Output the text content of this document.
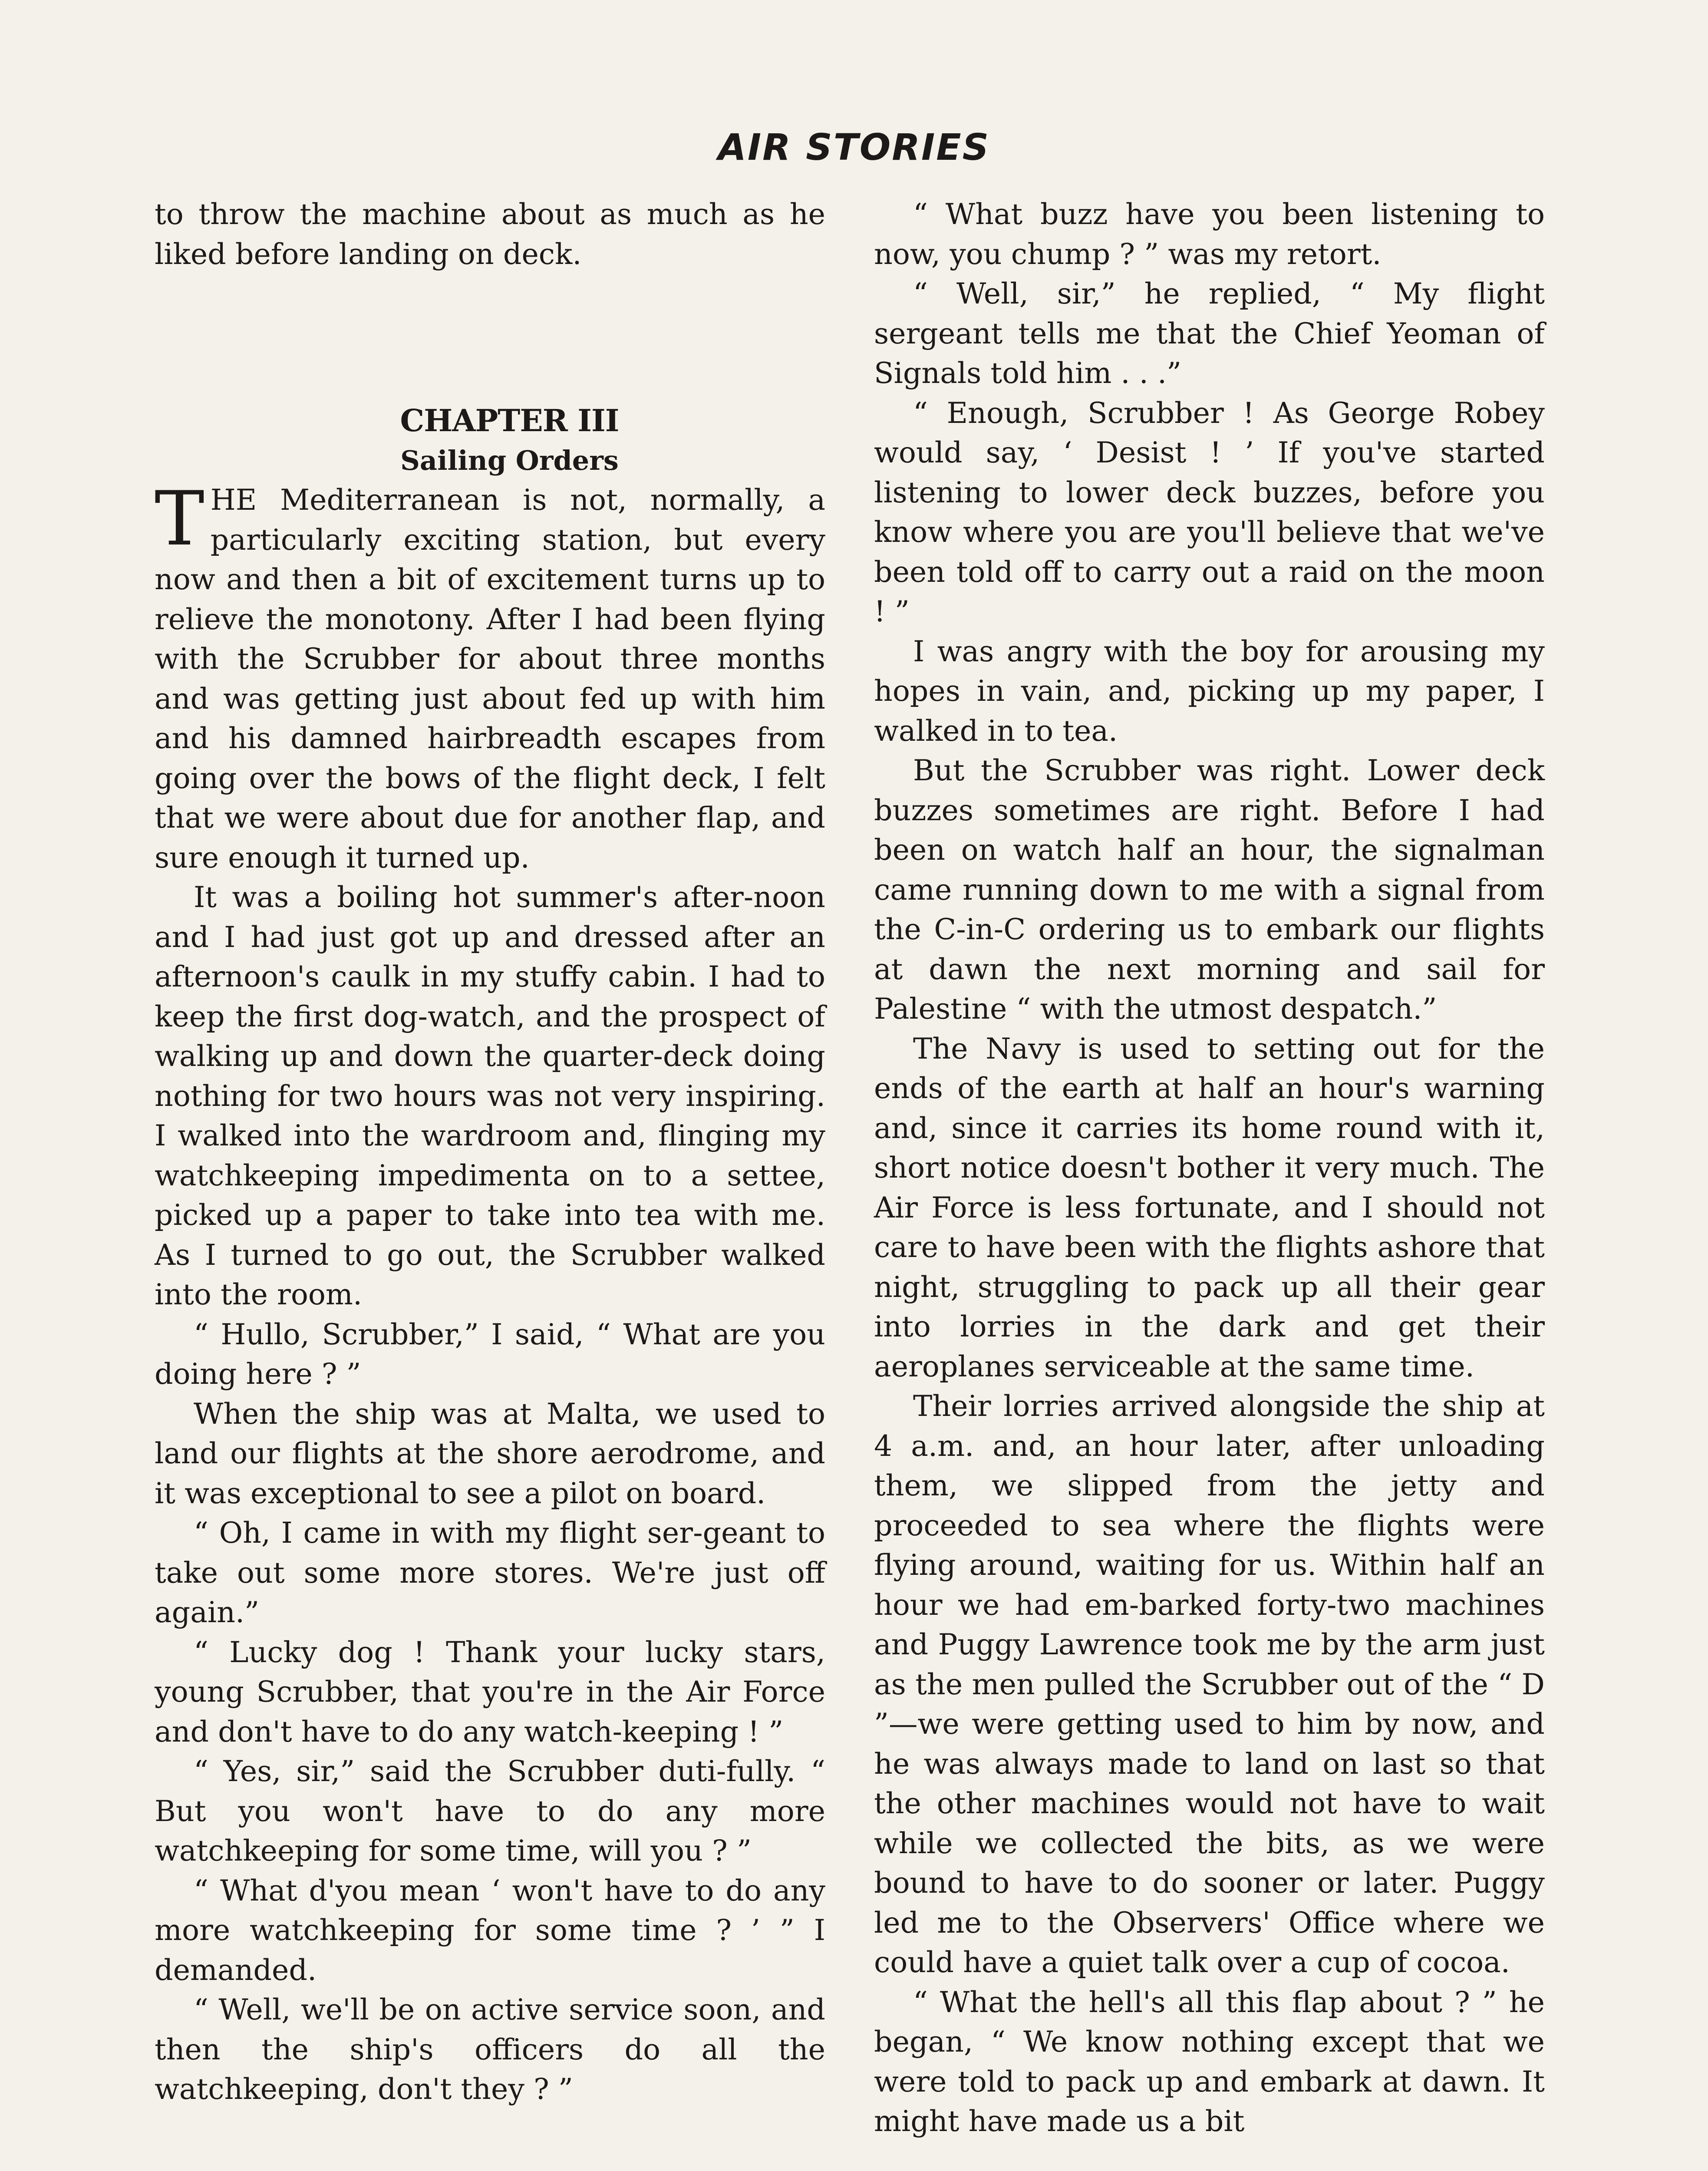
AIR STORIES

to throw the machine about as much as he liked before landing on deck.

CHAPTER III

Sailing Orders

THE Mediterranean is not, normally, a particularly exciting station, but every now and then a bit of excitement turns up to relieve the monotony. After I had been flying with the Scrubber for about three months and was getting just about fed up with him and his damned hairbreadth escapes from going over the bows of the flight deck, I felt that we were about due for another flap, and sure enough it turned up.

It was a boiling hot summer's after-noon and I had just got up and dressed after an afternoon's caulk in my stuffy cabin. I had to keep the first dog-watch, and the prospect of walking up and down the quarter-deck doing nothing for two hours was not very inspiring. I walked into the wardroom and, flinging my watchkeeping impedimenta on to a settee, picked up a paper to take into tea with me. As I turned to go out, the Scrubber walked into the room.

“ Hullo, Scrubber,” I said, “ What are you doing here ? ”

When the ship was at Malta, we used to land our flights at the shore aerodrome, and it was exceptional to see a pilot on board.

“ Oh, I came in with my flight ser-geant to take out some more stores. We're just off again.”

“ Lucky dog ! Thank your lucky stars, young Scrubber, that you're in the Air Force and don't have to do any watch-keeping ! ”

“ Yes, sir,” said the Scrubber duti-fully. “ But you won't have to do any more watchkeeping for some time, will you ? ”

“ What d'you mean ‘ won't have to do any more watchkeeping for some time ? ’ ” I demanded.

“ Well, we'll be on active service soon, and then the ship's officers do all the watchkeeping, don't they ? ”

“ What buzz have you been listening to now, you chump ? ” was my retort.

“ Well, sir,” he replied, “ My flight sergeant tells me that the Chief Yeoman of Signals told him . . .”

“ Enough, Scrubber ! As George Robey would say, ‘ Desist ! ’ If you've started listening to lower deck buzzes, before you know where you are you'll believe that we've been told off to carry out a raid on the moon ! ”

I was angry with the boy for arousing my hopes in vain, and, picking up my paper, I walked in to tea.

But the Scrubber was right. Lower deck buzzes sometimes are right. Before I had been on watch half an hour, the signalman came running down to me with a signal from the C-in-C ordering us to embark our flights at dawn the next morning and sail for Palestine “ with the utmost despatch.”

The Navy is used to setting out for the ends of the earth at half an hour's warning and, since it carries its home round with it, short notice doesn't bother it very much. The Air Force is less fortunate, and I should not care to have been with the flights ashore that night, struggling to pack up all their gear into lorries in the dark and get their aeroplanes serviceable at the same time.

Their lorries arrived alongside the ship at 4 a.m. and, an hour later, after unloading them, we slipped from the jetty and proceeded to sea where the flights were flying around, waiting for us. Within half an hour we had em-barked forty-two machines and Puggy Lawrence took me by the arm just as the men pulled the Scrubber out of the “ D ”—we were getting used to him by now, and he was always made to land on last so that the other machines would not have to wait while we collected the bits, as we were bound to have to do sooner or later. Puggy led me to the Observers' Office where we could have a quiet talk over a cup of cocoa.

“ What the hell's all this flap about ? ” he began, “ We know nothing except that we were told to pack up and embark at dawn. It might have made us a bit
